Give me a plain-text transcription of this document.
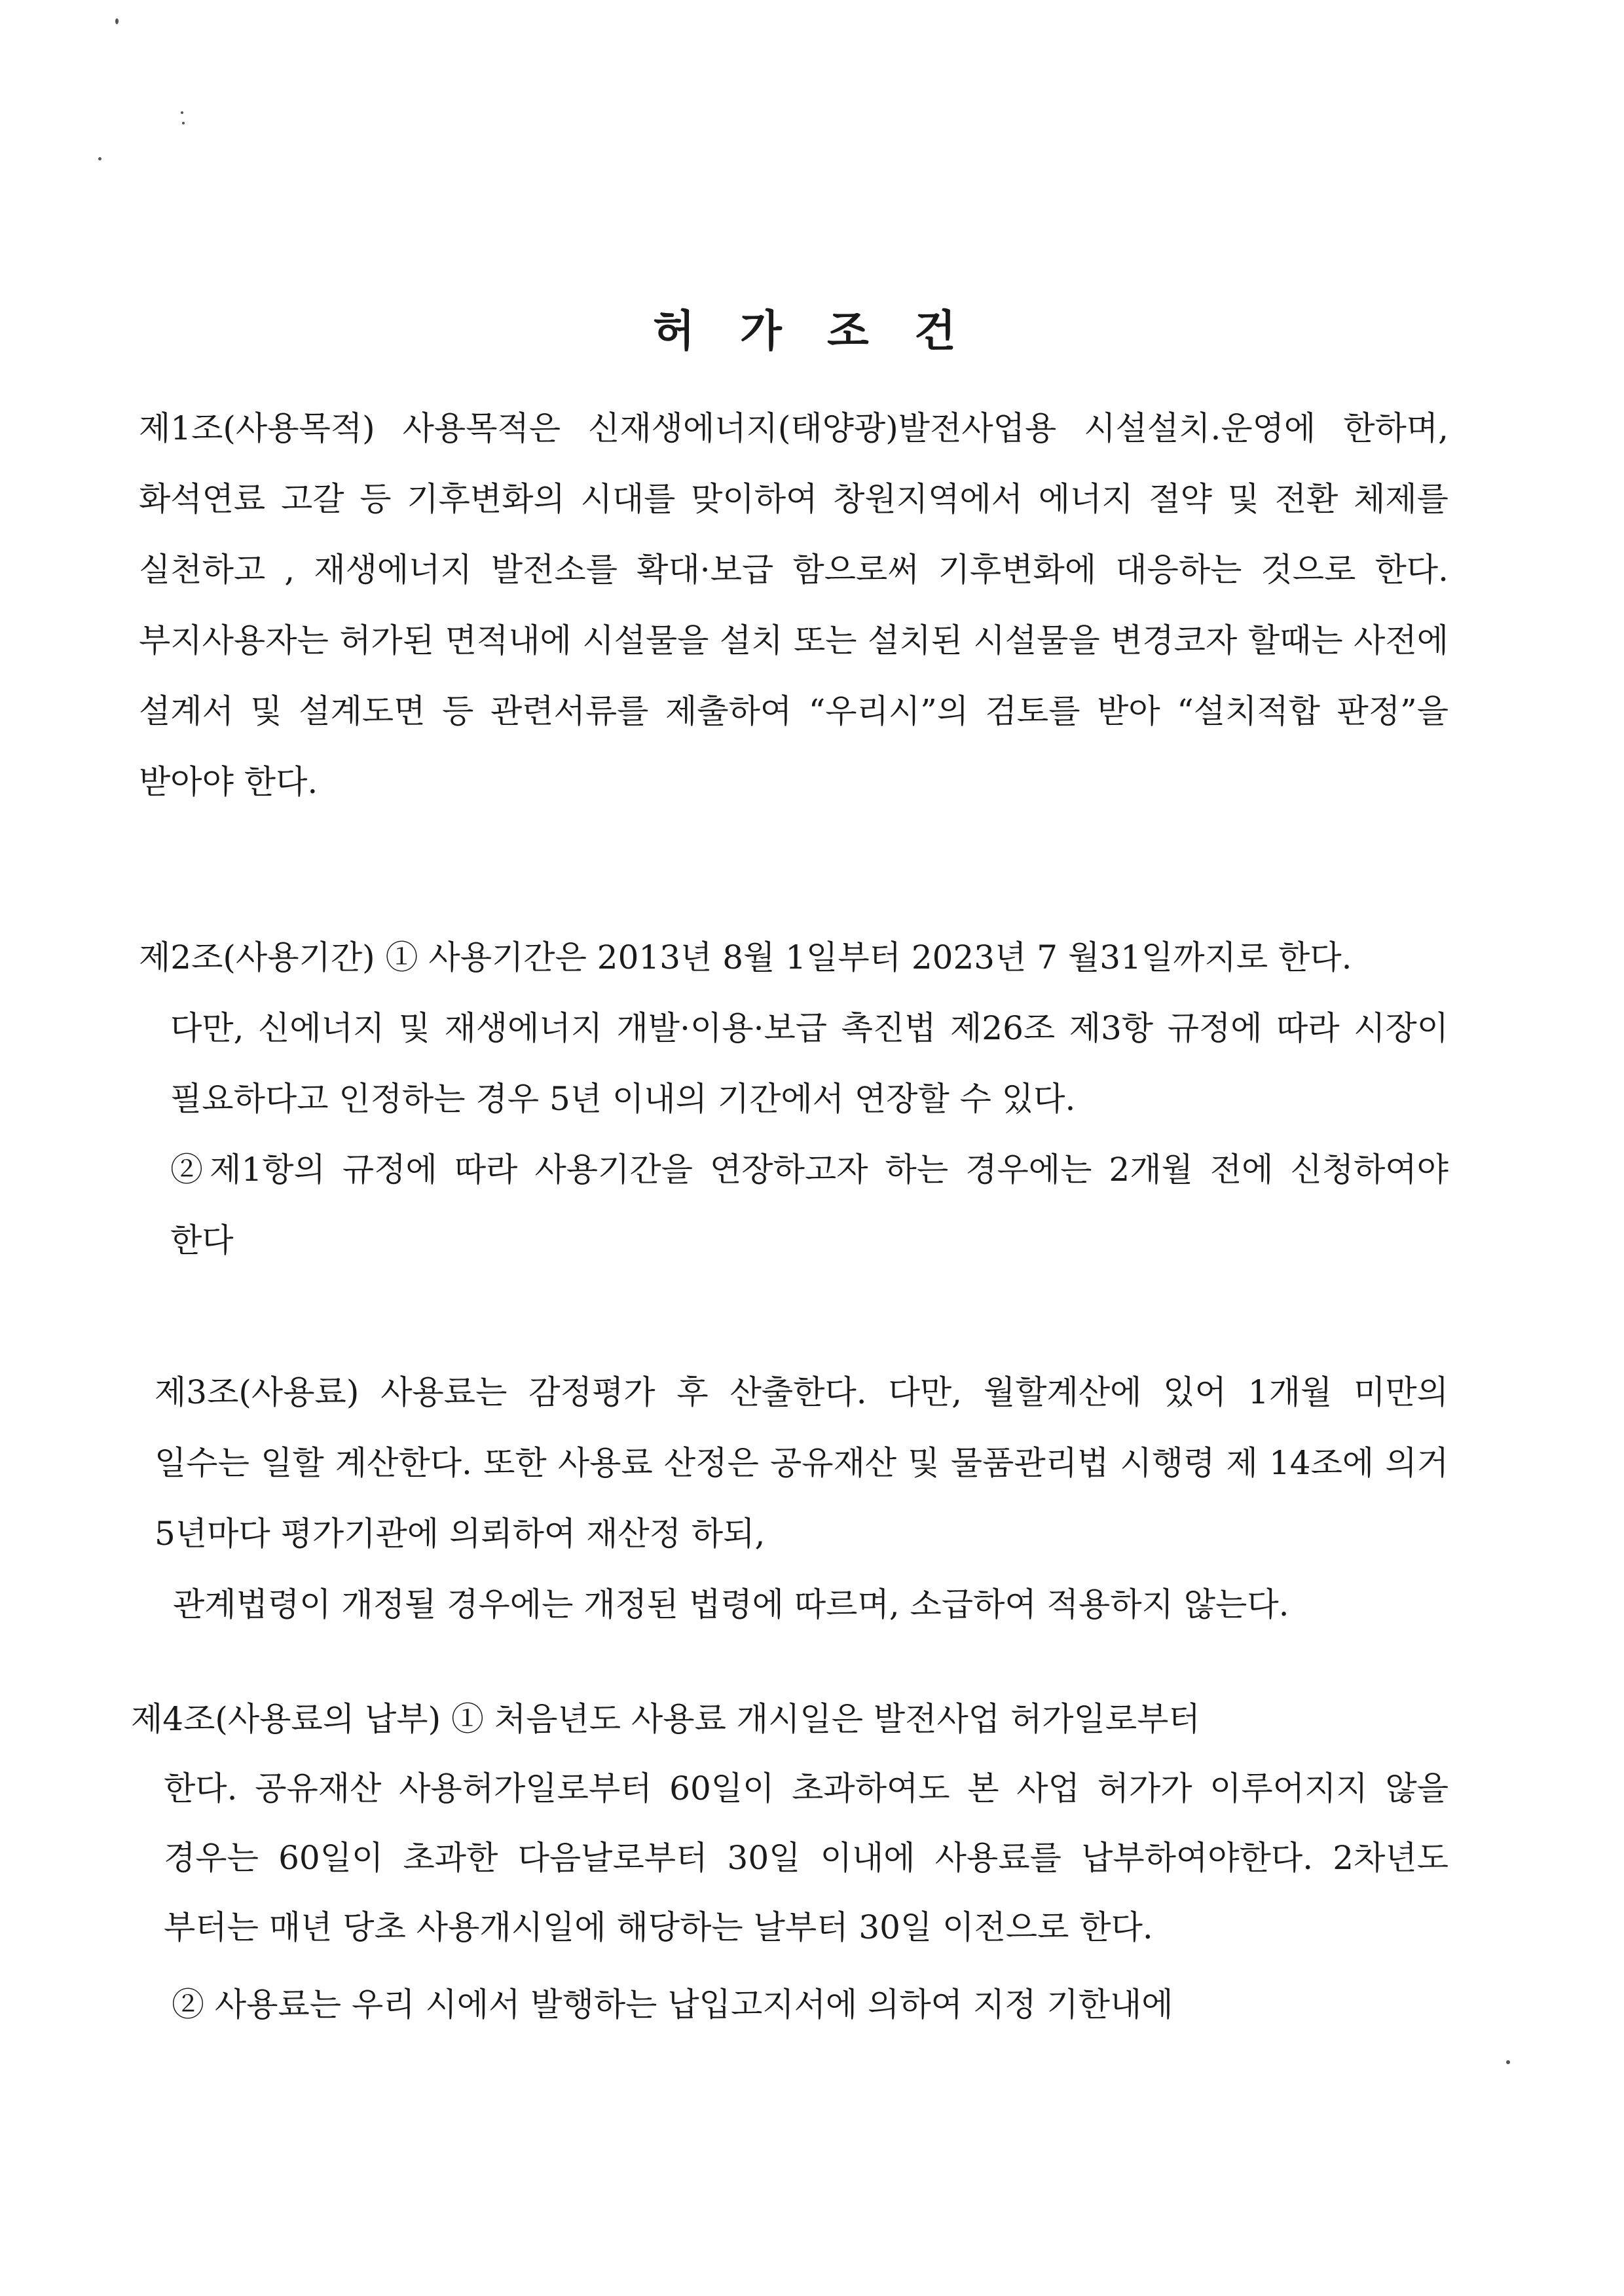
허 가 조 건
제1조(사용목적) 사용목적은 신재생에너지(태양광)발전사업용 시설설치.운영에 한하며,화석연료 고갈 등 기후변화의 시대를 맞이하여 창원지역에서 에너지 절약 및 전환 체제를 실천하고 , 재생에너지 발전소를 확대·보급 함으로써 기후변화에 대응하는 것으로 한다. 부지사용자는 허가된 면적내에 시설물을 설치 또는 설치된 시설물을 변경코자 할때는 사전에 설계서 및 설계도면 등 관련서류를 제출하여 “우리시”의 검토를 받아 “설치적합 판정”을 받아야 한다.
제2조(사용기간) ① 사용기간은 2013년 8월 1일부터 2023년 7 월31일까지로 한다.
다만, 신에너지 및 재생에너지 개발·이용·보급 촉진법 제26조 제3항 규정에 따라 시장이 필요하다고 인정하는 경우 5년 이내의 기간에서 연장할 수 있다.
②제1항의 규정에 따라 사용기간을 연장하고자 하는 경우에는 2개월 전에 신청하여야 한다
제3조(사용료) 사용료는 감정평가 후 산출한다. 다만, 월할계산에 있어 1개월 미만의 일수는 일할 계산한다. 또한 사용료 산정은 공유재산 및 물품관리법 시행령 제 14조에 의거 5년마다 평가기관에 의뢰하여 재산정 하되,
관계법령이 개정될 경우에는 개정된 법령에 따르며, 소급하여 적용하지 않는다.
제4조(사용료의 납부) ① 처음년도 사용료 개시일은 발전사업 허가일로부터
한다. 공유재산 사용허가일로부터 60일이 초과하여도 본 사업 허가가 이루어지지 않을 경우는 60일이 초과한 다음날로부터 30일 이내에 사용료를 납부하여야한다. 2차년도 부터는 매년 당초 사용개시일에 해당하는 날부터 30일 이전으로 한다.
② 사용료는 우리 시에서 발행하는 납입고지서에 의하여 지정 기한내에
